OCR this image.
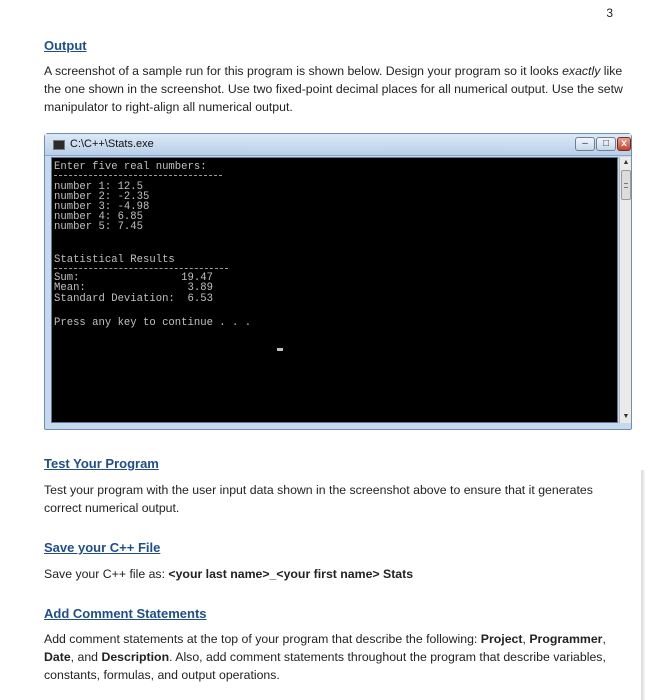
3
Output
A screenshot of a sample run for this program is shown below. Design your program so it looks exactly like the one shown in the screenshot. Use two fixed-point decimal places for all numerical output. Use the setw manipulator to right-align all numerical output.
C:\C++\Stats.exe	–	□	x
Enter five real numbers:
number 1: 12.5
number 2: -2.35
number 3: -4.98
number 4: 6.85
number 5: 7.45
Statistical Results
Sum:                19.47
Mean:                3.89
Standard Deviation:  6.53
Press any key to continue . . .
▲
▼
Test Your Program
Test your program with the user input data shown in the screenshot above to ensure that it generates correct numerical output.
Save your C++ File
Save your C++ file as: <your last name>_<your first name> Stats
Add Comment Statements
Add comment statements at the top of your program that describe the following: Project, Programmer, Date, and Description. Also, add comment statements throughout the program that describe variables, constants, formulas, and output operations.
